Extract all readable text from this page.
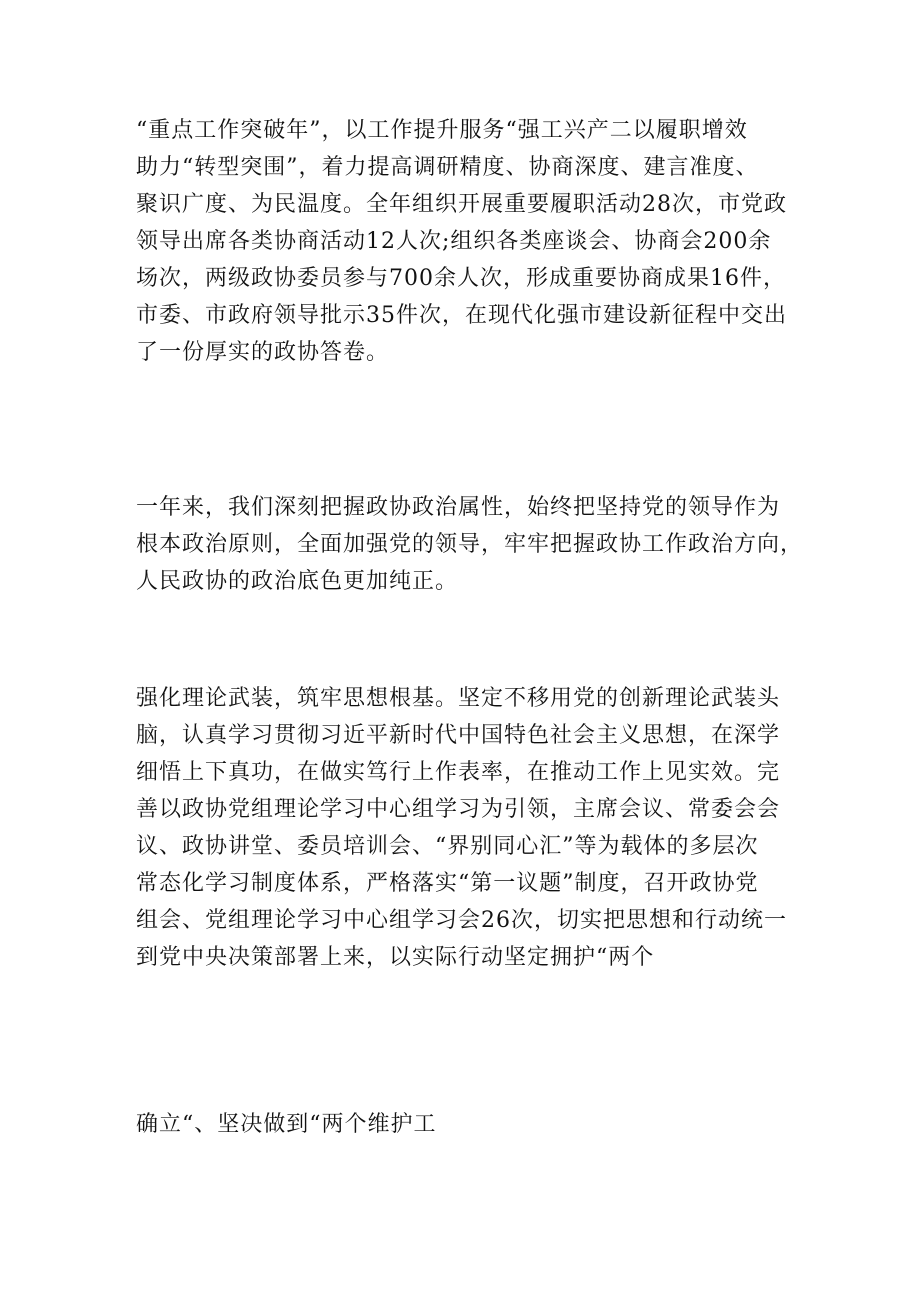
“重点工作突破年”，以工作提升服务“强工兴产二以履职增效
助力“转型突围”，着力提高调研精度、协商深度、建言准度、
聚识广度、为民温度。全年组织开展重要履职活动28次，市党政
领导出席各类协商活动12人次;组织各类座谈会、协商会200余
场次，两级政协委员参与700余人次，形成重要协商成果16件，
市委、市政府领导批示35件次，在现代化强市建设新征程中交出
了一份厚实的政协答卷。
一年来，我们深刻把握政协政治属性，始终把坚持党的领导作为
根本政治原则，全面加强党的领导，牢牢把握政协工作政治方向，
人民政协的政治底色更加纯正。
强化理论武装，筑牢思想根基。坚定不移用党的创新理论武装头
脑，认真学习贯彻习近平新时代中国特色社会主义思想，在深学
细悟上下真功，在做实笃行上作表率，在推动工作上见实效。完
善以政协党组理论学习中心组学习为引领，主席会议、常委会会
议、政协讲堂、委员培训会、“界别同心汇”等为载体的多层次
常态化学习制度体系，严格落实“第一议题”制度，召开政协党
组会、党组理论学习中心组学习会26次，切实把思想和行动统一
到党中央决策部署上来，以实际行动坚定拥护“两个
确立“、坚决做到“两个维护工
